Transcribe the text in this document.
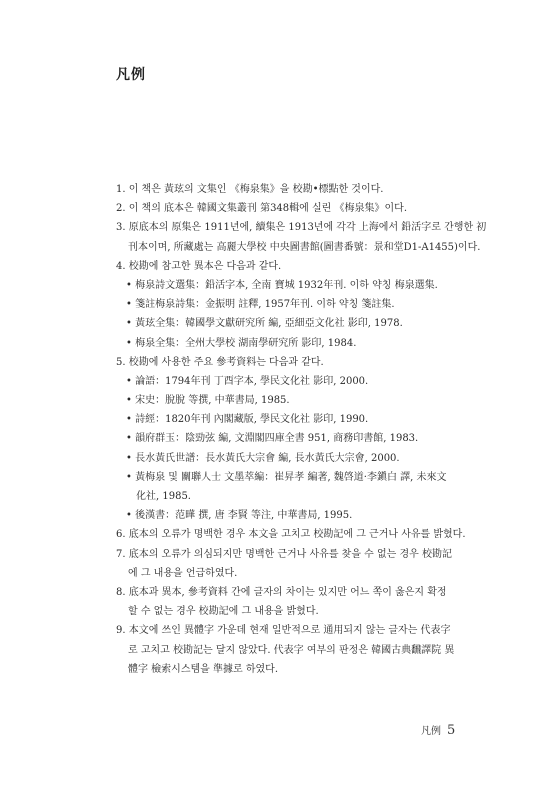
凡例
1. 이 책은 黃玹의 文集인 《梅泉集》을 校勘•標點한 것이다.
2. 이 책의 底本은 韓國文集叢刊 第348輯에 실린 《梅泉集》이다.
3. 原底本의 原集은 1911년에, 續集은 1913년에 각각 上海에서 鉛活字로 간행한 初
刊本이며, 所藏處는 高麗大學校 中央圖書館(圖書番號：景和堂D1-A1455)이다.
4. 校勘에 참고한 異本은 다음과 같다.
• 梅泉詩文選集：鉛活字本, 全南 寶城 1932年刊. 이하 약칭 梅泉選集.
• 箋註梅泉詩集：金振明 註釋, 1957年刊. 이하 약칭 箋註集.
• 黃玹全集：韓國學文獻研究所 編, 亞細亞文化社 影印, 1978.
• 梅泉全集：全州大學校 湖南學研究所 影印, 1984.
5. 校勘에 사용한 주요 參考資料는 다음과 같다.
• 論語：1794年刊 丁酉字本, 學民文化社 影印, 2000.
• 宋史：脫脫 等撰, 中華書局, 1985.
• 詩經：1820年刊 內閣藏版, 學民文化社 影印, 1990.
• 韻府群玉：陰勁弦 編, 文淵閣四庫全書 951, 商務印書館, 1983.
• 長水黃氏世譜：長水黃氏大宗會 編, 長水黃氏大宗會, 2000.
• 黃梅泉 및 關聯人士 文墨萃編：崔昇孝 編著, 魏啓道·李鎭白 譯, 未來文
化社, 1985.
• 後漢書：范曄 撰, 唐 李賢 等注, 中華書局, 1995.
6. 底本의 오류가 명백한 경우 本文을 고치고 校勘記에 그 근거나 사유를 밝혔다.
7. 底本의 오류가 의심되지만 명백한 근거나 사유를 찾을 수 없는 경우 校勘記
에 그 내용을 언급하였다.
8. 底本과 異本, 參考資料 간에 글자의 차이는 있지만 어느 쪽이 옳은지 확정
할 수 없는 경우 校勘記에 그 내용을 밝혔다.
9. 本文에 쓰인 異體字 가운데 현재 일반적으로 通用되지 않는 글자는 代表字
로 고치고 校勘記는 달지 않았다. 代表字 여부의 판정은 韓國古典飜譯院 異
體字 檢索시스템을 準據로 하였다.
凡例 5
